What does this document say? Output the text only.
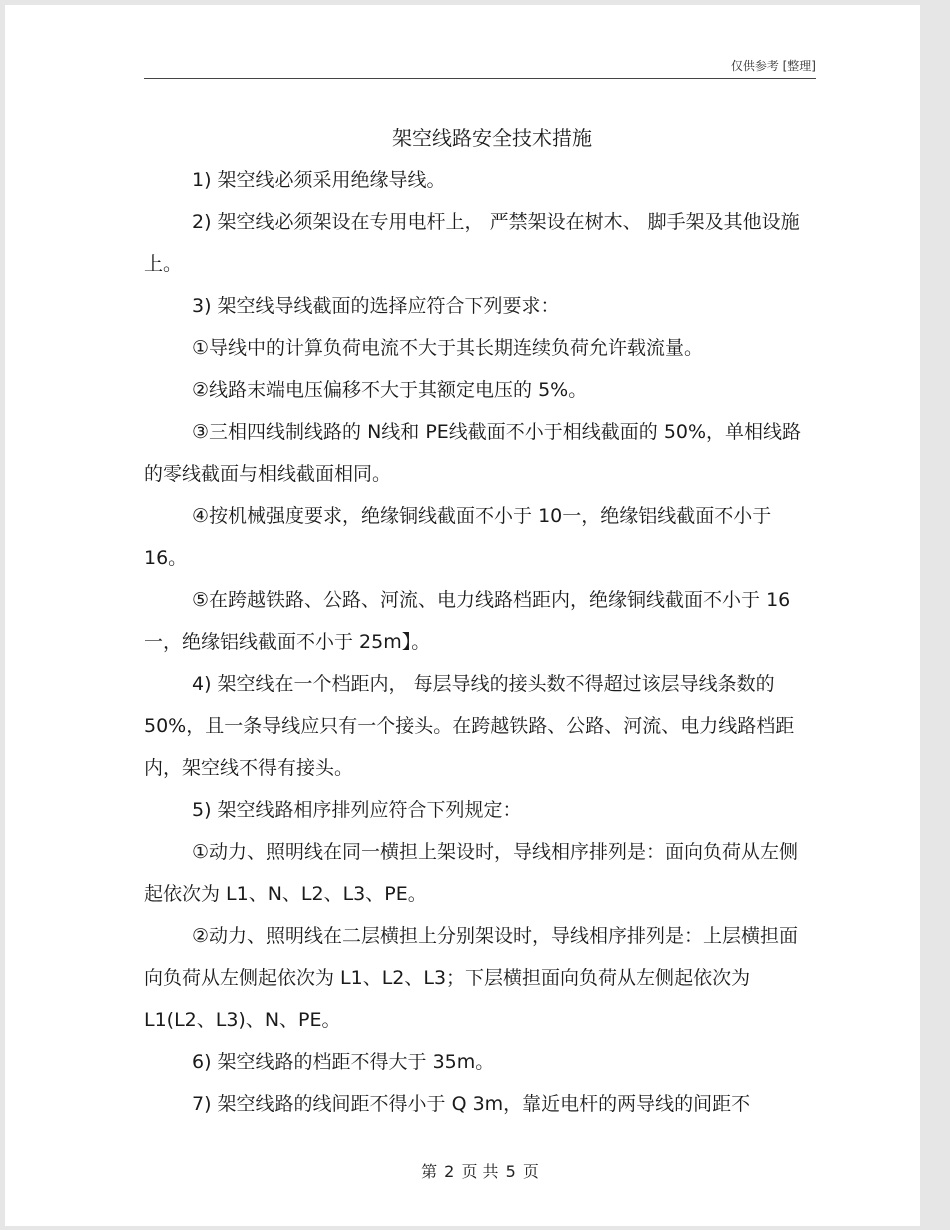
仅供参考 [整理]
架空线路安全技术措施

1) 架空线必须采用绝缘导线。

2) 架空线必须架设在专用电杆上， 严禁架设在树木、 脚手架及其他设施上。

3) 架空线导线截面的选择应符合下列要求：

①导线中的计算负荷电流不大于其长期连续负荷允许载流量。

②线路末端电压偏移不大于其额定电压的 5%。

③三相四线制线路的 N线和 PE线截面不小于相线截面的 50%，单相线路的零线截面与相线截面相同。

④按机械强度要求，绝缘铜线截面不小于 10一，绝缘铝线截面不小于 16。

⑤在跨越铁路、公路、河流、电力线路档距内，绝缘铜线截面不小于 16一，绝缘铝线截面不小于 25m】。

4) 架空线在一个档距内， 每层导线的接头数不得超过该层导线条数的 50%，且一条导线应只有一个接头。在跨越铁路、公路、河流、电力线路档距内，架空线不得有接头。

5) 架空线路相序排列应符合下列规定：

①动力、照明线在同一横担上架设时，导线相序排列是：面向负荷从左侧起依次为 L1、N、L2、L3、PE。

②动力、照明线在二层横担上分别架设时，导线相序排列是：上层横担面向负荷从左侧起依次为 L1、L2、L3；下层横担面向负荷从左侧起依次为 L1(L2、L3)、N、PE。

6) 架空线路的档距不得大于 35m。

7) 架空线路的线间距不得小于 Q 3m，靠近电杆的两导线的间距不

第 2 页 共 5 页
